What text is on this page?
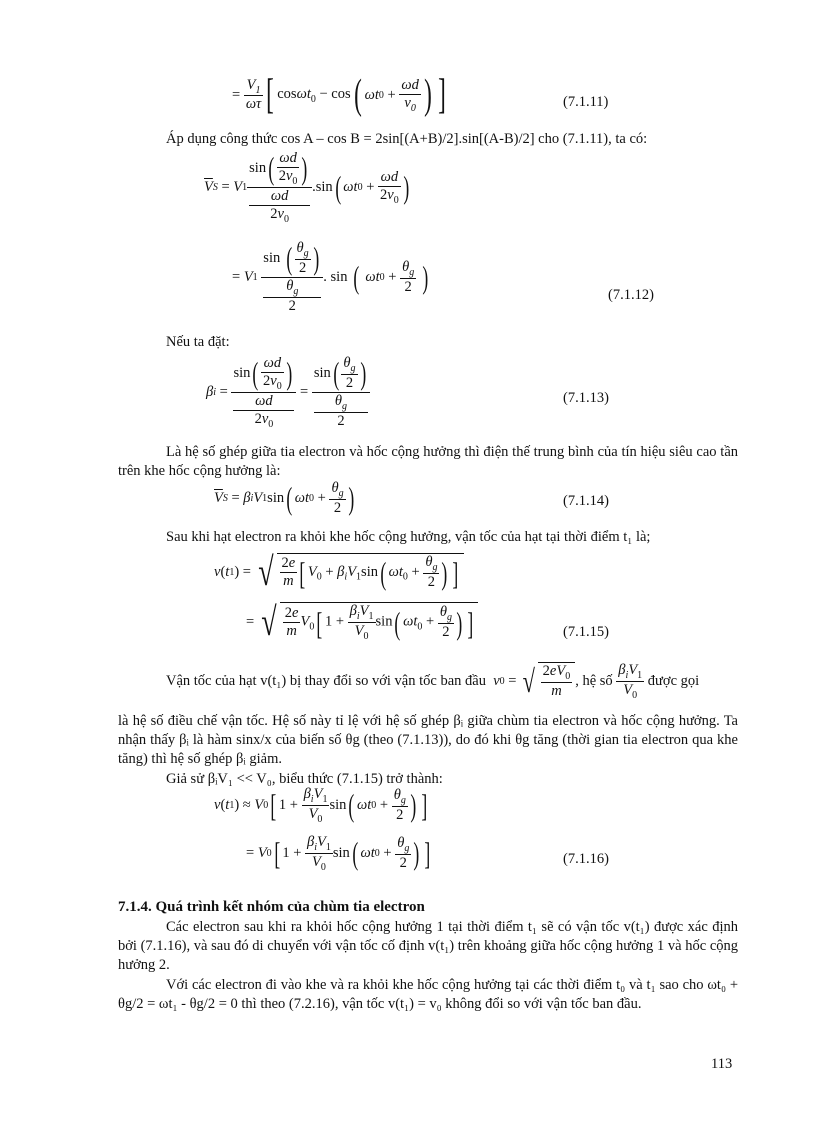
= $\frac{V_1}{\omega\tau}$ [ cosωt$_0$ − cos ( ωt $0 + \frac{\omega d}{v_0}$ ) ]	(7.1.11)
Áp dụng công thức cos A – cos B = 2sin[(A+B)/2].sin[(A-B)/2] cho (7.1.11), ta có:
$\overline{V}$ S = V 1 $\sin( \frac{\omega d}{2v_0}$ )
ωd
$2v_0$ .sin ( ωt $0 + \frac{\omega d}{2v_0}$ )
= V 1
sin ( $\frac{\theta_g}{2}$ )
$\theta_g$
2 . sin (
ωt $0 + \frac{\theta_g}{2}$
)	(7.1.12)
Nếu ta đặt:
β $i = \sin( \frac{\omega d}{2v_0}$ )
ωd
$2v_0 = \sin( \frac{\theta_g}{2}$ )
$\theta_g$
2	(7.1.13)
Là hệ số ghép giữa tia electron và hốc cộng hưởng thì điện thế trung bình của tín hiệu siêu cao tần trên khe hốc cộng hưởng là:
$\overline{V}$ S = β i V 1 sin ( ωt $0 + \frac{\theta_g}{2}$ )	(7.1.14)
Sau khi hạt electron ra khỏi khe hốc cộng hưởng, vận tốc của hạt tại thời điểm t₁ là;
v ( t 1 ) = √ $\frac{2e}{m}$ [ $V_0 + \beta_iV_1\sin$( $\omega t_0 + \frac{\theta_g}{2}$ ) ]
= √ $\frac{2e}{m} V_0$[ $1 + \frac{\beta_iV_1}{V_0} \sin$( $\omega t_0 + \frac{\theta_g}{2}$ ) ]	(7.1.15)
Vận tốc của hạt v(t₁) bị thay đổi so với vận tốc ban đầu
v 0 = √ $\frac{2eV_0}{m}$ , hệ số
$\frac{\beta_iV_1}{V_0}$
được gọi
là hệ số điều chế vận tốc. Hệ số này tỉ lệ với hệ số ghép βᵢ giữa chùm tia electron và hốc cộng hưởng. Ta nhận thấy βᵢ là hàm sinx/x của biến số θg (theo (7.1.13)), do đó khi θg tăng (thời gian tia electron qua khe tăng) thì hệ số ghép βᵢ giảm.
Giả sử βᵢV₁ << V₀, biểu thức (7.1.15) trở thành:
v ( t 1 ) ≈ V 0 [ $1 + \frac{\beta_iV_1}{V_0}$ sin ( ωt $0 + \frac{\theta_g}{2}$ ) ]
= V 0 [ $1 + \frac{\beta_iV_1}{V_0}$ sin ( ωt $0 + \frac{\theta_g}{2}$ ) ]	(7.1.16)
7.1.4. Quá trình kết nhóm của chùm tia electron
Các electron sau khi ra khỏi hốc cộng hưởng 1 tại thời điểm t₁ sẽ có vận tốc v(t₁) được xác định bởi (7.1.16), và sau đó di chuyển với vận tốc cố định v(t₁) trên khoảng giữa hốc cộng hưởng 1 và hốc cộng hưởng 2.
Với các electron đi vào khe và ra khỏi khe hốc cộng hưởng tại các thời điểm t₀ và t₁ sao cho ωt₀ + θg/2 = ωt₁ - θg/2 = 0 thì theo (7.2.16), vận tốc v(t₁) = v₀ không đổi so với vận tốc ban đầu.
113
